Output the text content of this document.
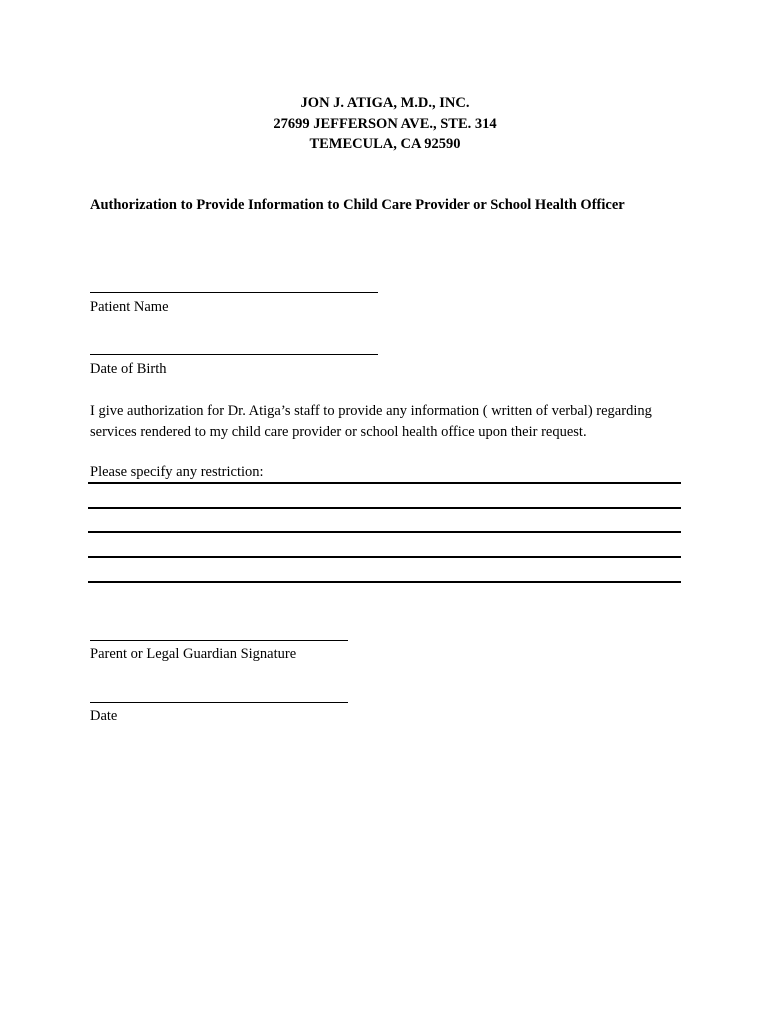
JON J. ATIGA, M.D., INC.
27699 JEFFERSON AVE., STE. 314
TEMECULA, CA 92590
Authorization to Provide Information to Child Care Provider or School Health Officer
Patient Name
Date of Birth
I give authorization for Dr. Atiga’s staff to provide any information ( written of verbal) regarding services rendered to my child care provider or school health office upon their request.
Please specify any restriction:
Parent or Legal Guardian Signature
Date
